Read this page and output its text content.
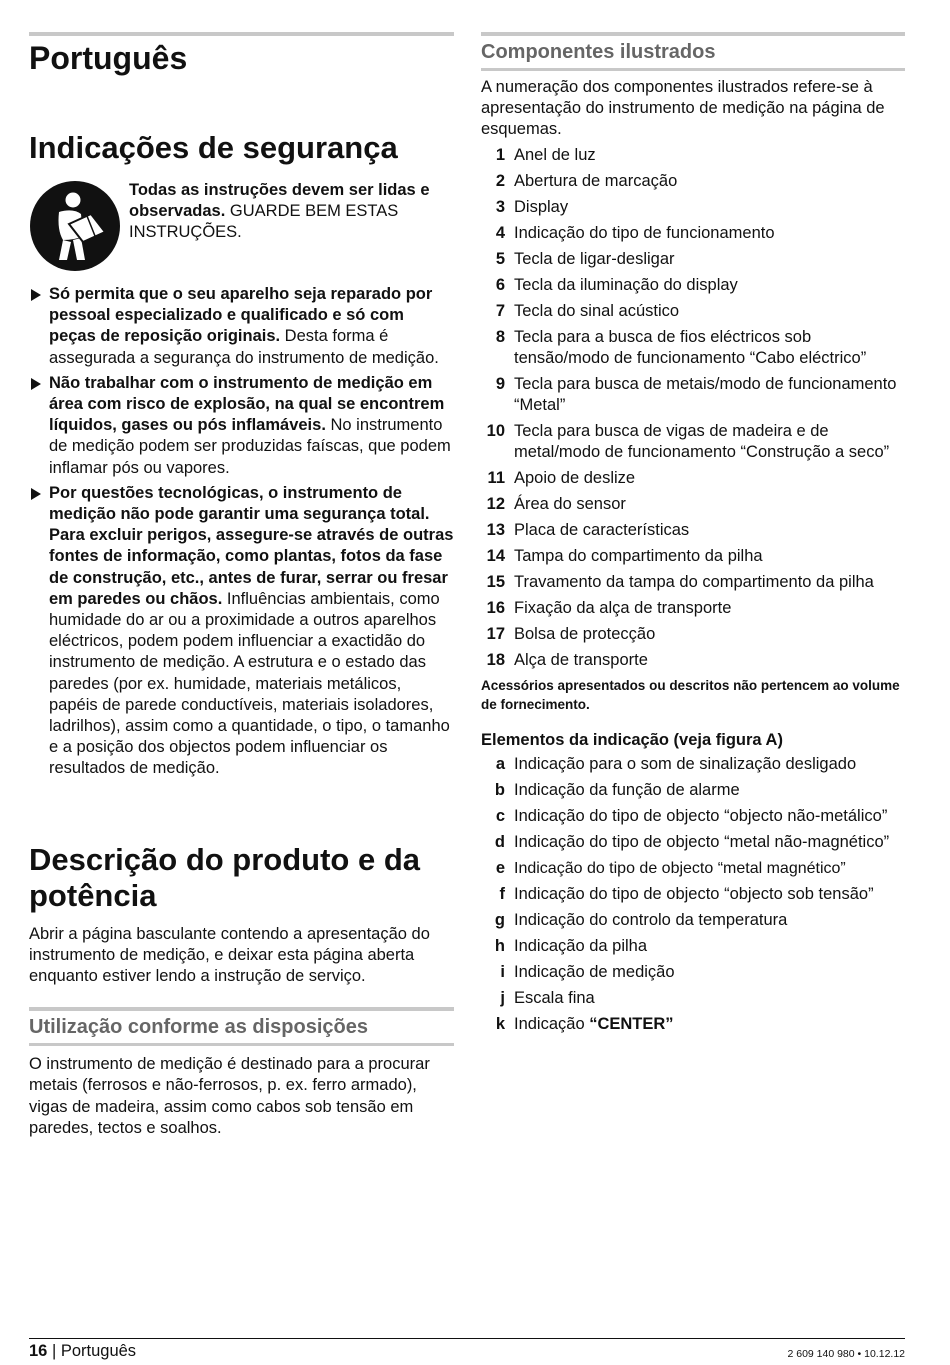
Português
Indicações de segurança

Todas as instruções devem ser lidas e observadas. GUARDE BEM ESTAS INSTRUÇÕES.

Só permita que o seu aparelho seja reparado por pessoal especializado e qualificado e só com peças de reposição originais. Desta forma é assegurada a segurança do instrumento de medição.
Não trabalhar com o instrumento de medição em área com risco de explosão, na qual se encontrem líquidos, gases ou pós inflamáveis. No instrumento de medição podem ser produzidas faíscas, que podem inflamar pós ou vapores.
Por questões tecnológicas, o instrumento de medição não pode garantir uma segurança total. Para excluir perigos, assegure-se através de outras fontes de informação, como plantas, fotos da fase de construção, etc., antes de furar, serrar ou fresar em paredes ou chãos. Influências ambientais, como humidade do ar ou a proximidade a outros aparelhos eléctricos, podem podem influenciar a exactidão do instrumento de medição. A estrutura e o estado das paredes (por ex. humidade, materiais metálicos, papéis de parede conductíveis, materiais isoladores, ladrilhos), assim como a quantidade, o tipo, o tamanho e a posição dos objectos podem influenciar os resultados de medição.
Descrição do produto e da potência

Abrir a página basculante contendo a apresentação do instrumento de medição, e deixar esta página aberta enquanto estiver lendo a instrução de serviço.

Utilização conforme as disposições

O instrumento de medição é destinado para a procurar metais (ferrosos e não-ferrosos, p. ex. ferro armado), vigas de madeira, assim como cabos sob tensão em paredes, tectos e soalhos.

Componentes ilustrados

A numeração dos componentes ilustrados refere-se à apresentação do instrumento de medição na página de esquemas.

1 Anel de luz
2 Abertura de marcação
3 Display
4 Indicação do tipo de funcionamento
5 Tecla de ligar-desligar
6 Tecla da iluminação do display
7 Tecla do sinal acústico
8 Tecla para a busca de fios eléctricos sob tensão/modo de funcionamento “Cabo eléctrico”
9 Tecla para busca de metais/modo de funcionamento “Metal”
10 Tecla para busca de vigas de madeira e de metal/modo de funcionamento “Construção a seco”
11 Apoio de deslize
12 Área do sensor
13 Placa de características
14 Tampa do compartimento da pilha
15 Travamento da tampa do compartimento da pilha
16 Fixação da alça de transporte
17 Bolsa de protecção
18 Alça de transporte
Acessórios apresentados ou descritos não pertencem ao volume de fornecimento.
Elementos da indicação (veja figura A)
a Indicação para o som de sinalização desligado
b Indicação da função de alarme
c Indicação do tipo de objecto “objecto não-metálico”
d Indicação do tipo de objecto “metal não-magnético”
e Indicação do tipo de objecto “metal magnético”
f Indicação do tipo de objecto “objecto sob tensão”
g Indicação do controlo da temperatura
h Indicação da pilha
i Indicação de medição
j Escala fina
k Indicação “CENTER”
16 | Português	2 609 140 980 • 10.12.12
